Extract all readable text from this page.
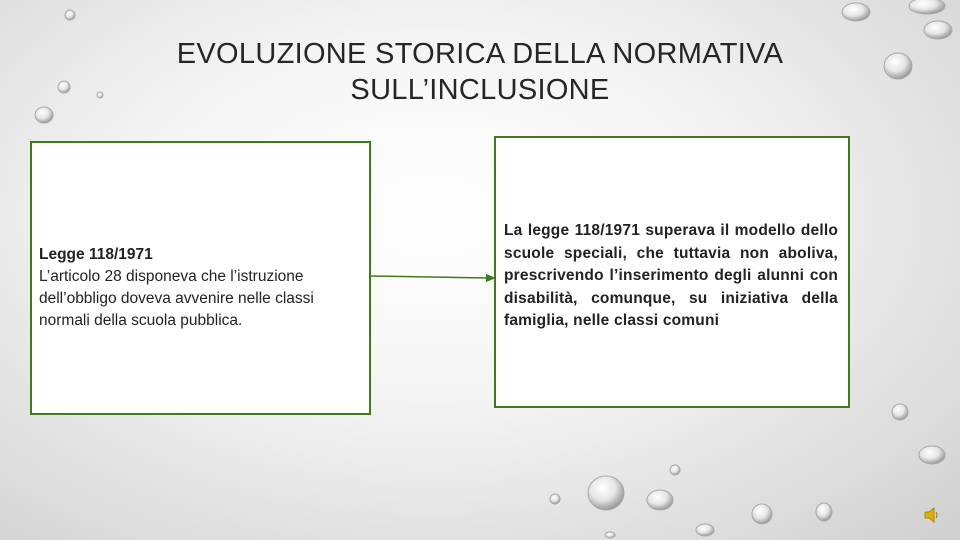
EVOLUZIONE STORICA DELLA NORMATIVA
SULL’INCLUSIONE
Legge 118/1971
L’articolo 28 disponeva che l’istruzione dell’obbligo doveva avvenire nelle classi normali della scuola pubblica.
La legge 118/1971 superava il modello dello scuole speciali, che tuttavia non aboliva, prescrivendo l’inserimento degli alunni con disabilità, comunque, su iniziativa della famiglia, nelle classi comuni
